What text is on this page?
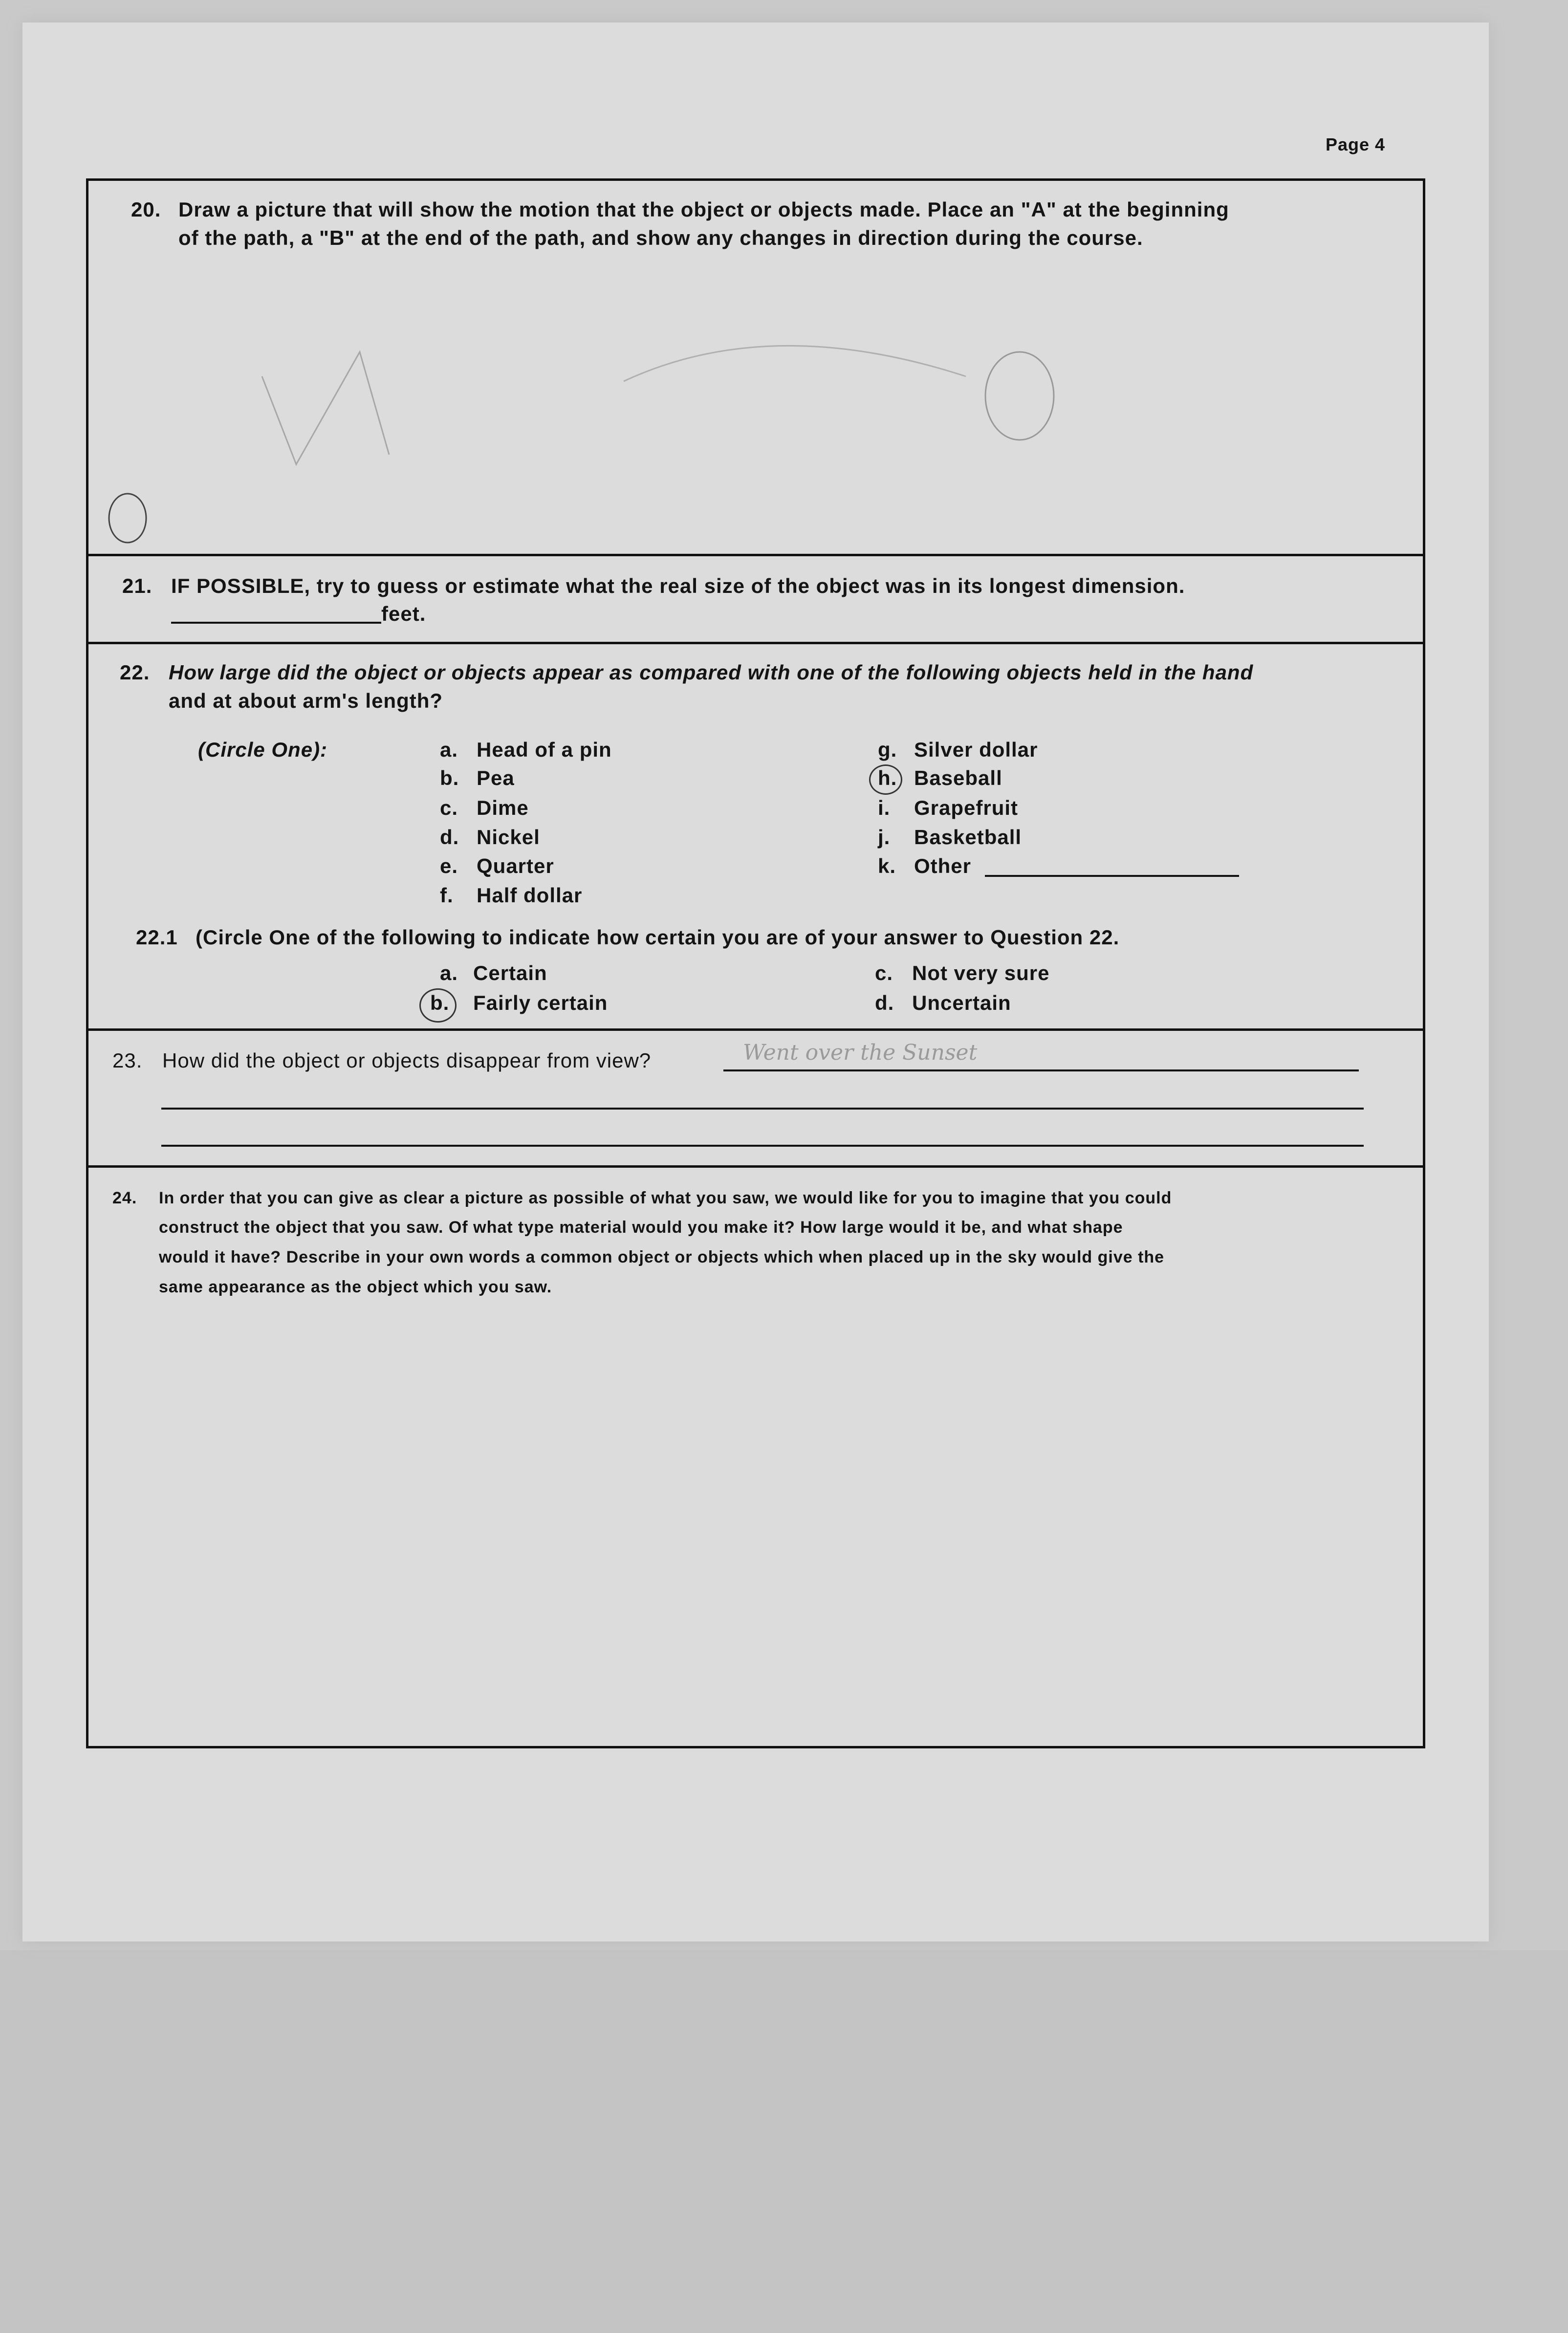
Page 4
20. Draw a picture that will show the motion that the object or objects made. Place an "A" at the beginning
of the path, a "B" at the end of the path, and show any changes in direction during the course.
21. IF POSSIBLE, try to guess or estimate what the real size of the object was in its longest dimension.
feet.
22. How large did the object or objects appear as compared with one of the following objects held in the hand
and at about arm's length?
(Circle One):	a. Head of a pin
b. Pea
c. Dime
d. Nickel
e. Quarter
f. Half dollar
g. Silver dollar
h. Baseball
i. Grapefruit
j. Basketball
k. Other
22.1 (Circle One of the following to indicate how certain you are of your answer to Question 22.
a. Certain
b. Fairly certain
c. Not very sure
d. Uncertain
23. How did the object or objects disappear from view?	Went over the Sunset
24. In order that you can give as clear a picture as possible of what you saw, we would like for you to imagine that you could
construct the object that you saw. Of what type material would you make it? How large would it be, and what shape
would it have? Describe in your own words a common object or objects which when placed up in the sky would give the
same appearance as the object which you saw.
